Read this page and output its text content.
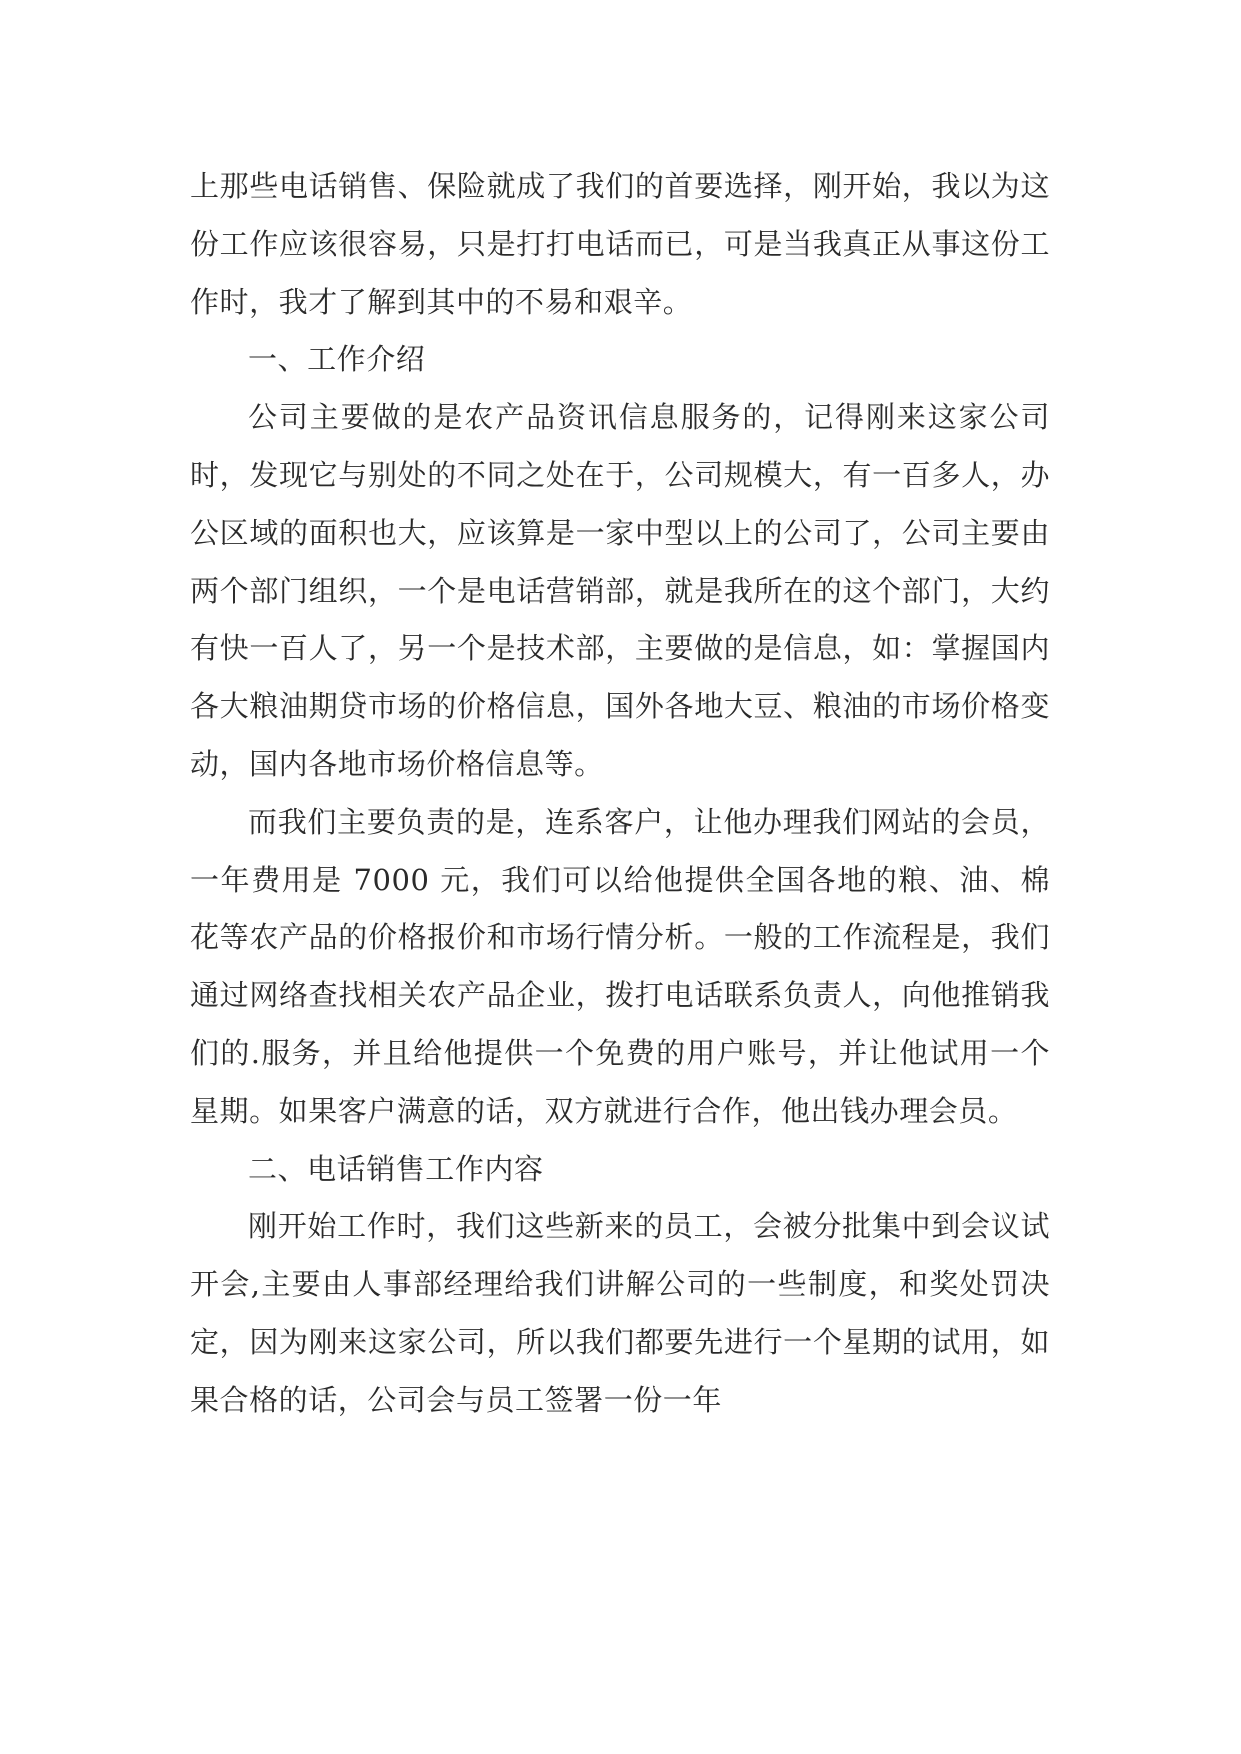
上那些电话销售、保险就成了我们的首要选择，刚开始，我以为这份工作应该很容易，只是打打电话而已，可是当我真正从事这份工作时，我才了解到其中的不易和艰辛。

一、工作介绍

公司主要做的是农产品资讯信息服务的，记得刚来这家公司时，发现它与别处的不同之处在于，公司规模大，有一百多人，办公区域的面积也大，应该算是一家中型以上的公司了，公司主要由两个部门组织，一个是电话营销部，就是我所在的这个部门，大约有快一百人了，另一个是技术部，主要做的是信息，如：掌握国内各大粮油期贷市场的价格信息，国外各地大豆、粮油的市场价格变动，国内各地市场价格信息等。

而我们主要负责的是，连系客户，让他办理我们网站的会员，一年费用是 7000 元，我们可以给他提供全国各地的粮、油、棉花等农产品的价格报价和市场行情分析。一般的工作流程是，我们通过网络查找相关农产品企业，拨打电话联系负责人，向他推销我们的.服务，并且给他提供一个免费的用户账号，并让他试用一个星期。如果客户满意的话，双方就进行合作，他出钱办理会员。

二、电话销售工作内容

刚开始工作时，我们这些新来的员工，会被分批集中到会议试开会,主要由人事部经理给我们讲解公司的一些制度，和奖处罚决定，因为刚来这家公司，所以我们都要先进行一个星期的试用，如果合格的话，公司会与员工签署一份一年
